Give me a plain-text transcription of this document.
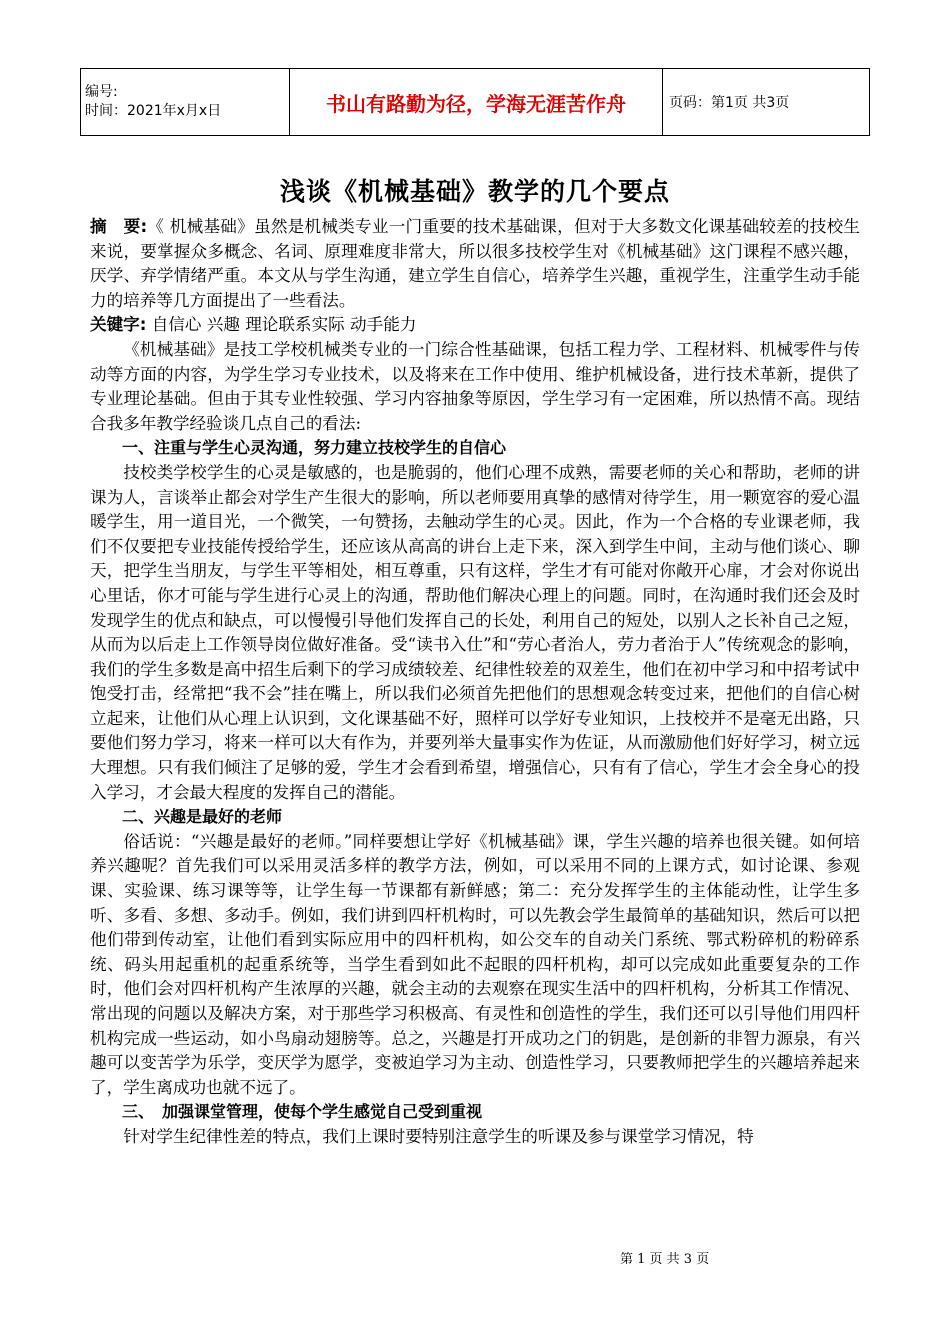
编号:
时间：2021年x月x日	书山有路勤为径，学海无涯苦作舟	页码：第1页 共3页
浅谈《机械基础》教学的几个要点

摘　要:《 机械基础》虽然是机械类专业一门重要的技术基础课，但对于大多数文化课基础较差的技校生来说，要掌握众多概念、名词、原理难度非常大，所以很多技校学生对《机械基础》这门课程不感兴趣，厌学、弃学情绪严重。本文从与学生沟通，建立学生自信心，培养学生兴趣，重视学生，注重学生动手能力的培养等几方面提出了一些看法。

关键字: 自信心 兴趣 理论联系实际 动手能力

《机械基础》是技工学校机械类专业的一门综合性基础课，包括工程力学、工程材料、机械零件与传动等方面的内容，为学生学习专业技术，以及将来在工作中使用、维护机械设备，进行技术革新，提供了专业理论基础。但由于其专业性较强、学习内容抽象等原因，学生学习有一定困难，所以热情不高。现结合我多年教学经验谈几点自己的看法:

一、注重与学生心灵沟通，努力建立技校学生的自信心

技校类学校学生的心灵是敏感的，也是脆弱的，他们心理不成熟，需要老师的关心和帮助，老师的讲课为人，言谈举止都会对学生产生很大的影响，所以老师要用真挚的感情对待学生，用一颗宽容的爱心温暖学生，用一道目光，一个微笑，一句赞扬，去触动学生的心灵。因此，作为一个合格的专业课老师，我们不仅要把专业技能传授给学生，还应该从高高的讲台上走下来，深入到学生中间，主动与他们谈心、聊天，把学生当朋友，与学生平等相处，相互尊重，只有这样，学生才有可能对你敞开心扉，才会对你说出心里话，你才可能与学生进行心灵上的沟通，帮助他们解决心理上的问题。同时，在沟通时我们还会及时发现学生的优点和缺点，可以慢慢引导他们发挥自己的长处，利用自己的短处，以别人之长补自己之短，从而为以后走上工作领导岗位做好准备。受“读书入仕”和“劳心者治人，劳力者治于人”传统观念的影响，我们的学生多数是高中招生后剩下的学习成绩较差、纪律性较差的双差生，他们在初中学习和中招考试中饱受打击，经常把“我不会”挂在嘴上，所以我们必须首先把他们的思想观念转变过来，把他们的自信心树立起来，让他们从心理上认识到，文化课基础不好，照样可以学好专业知识，上技校并不是毫无出路，只要他们努力学习，将来一样可以大有作为，并要列举大量事实作为佐证，从而激励他们好好学习，树立远大理想。只有我们倾注了足够的爱，学生才会看到希望，增强信心，只有有了信心，学生才会全身心的投入学习，才会最大程度的发挥自己的潜能。

二、兴趣是最好的老师

俗话说：“兴趣是最好的老师。”同样要想让学好《机械基础》课，学生兴趣的培养也很关键。如何培养兴趣呢？首先我们可以采用灵活多样的教学方法，例如，可以采用不同的上课方式，如讨论课、参观课、实验课、练习课等等，让学生每一节课都有新鲜感；第二：充分发挥学生的主体能动性，让学生多听、多看、多想、多动手。例如，我们讲到四杆机构时，可以先教会学生最简单的基础知识，然后可以把他们带到传动室，让他们看到实际应用中的四杆机构，如公交车的自动关门系统、鄂式粉碎机的粉碎系统、码头用起重机的起重系统等，当学生看到如此不起眼的四杆机构，却可以完成如此重要复杂的工作时，他们会对四杆机构产生浓厚的兴趣，就会主动的去观察在现实生活中的四杆机构，分析其工作情况、常出现的问题以及解决方案，对于那些学习积极高、有灵性和创造性的学生，我们还可以引导他们用四杆机构完成一些运动，如小鸟扇动翅膀等。总之，兴趣是打开成功之门的钥匙，是创新的非智力源泉，有兴趣可以变苦学为乐学，变厌学为愿学，变被迫学习为主动、创造性学习，只要教师把学生的兴趣培养起来了，学生离成功也就不远了。

三、　加强课堂管理，使每个学生感觉自己受到重视

针对学生纪律性差的特点，我们上课时要特别注意学生的听课及参与课堂学习情况，特

第 1 页 共 3 页
